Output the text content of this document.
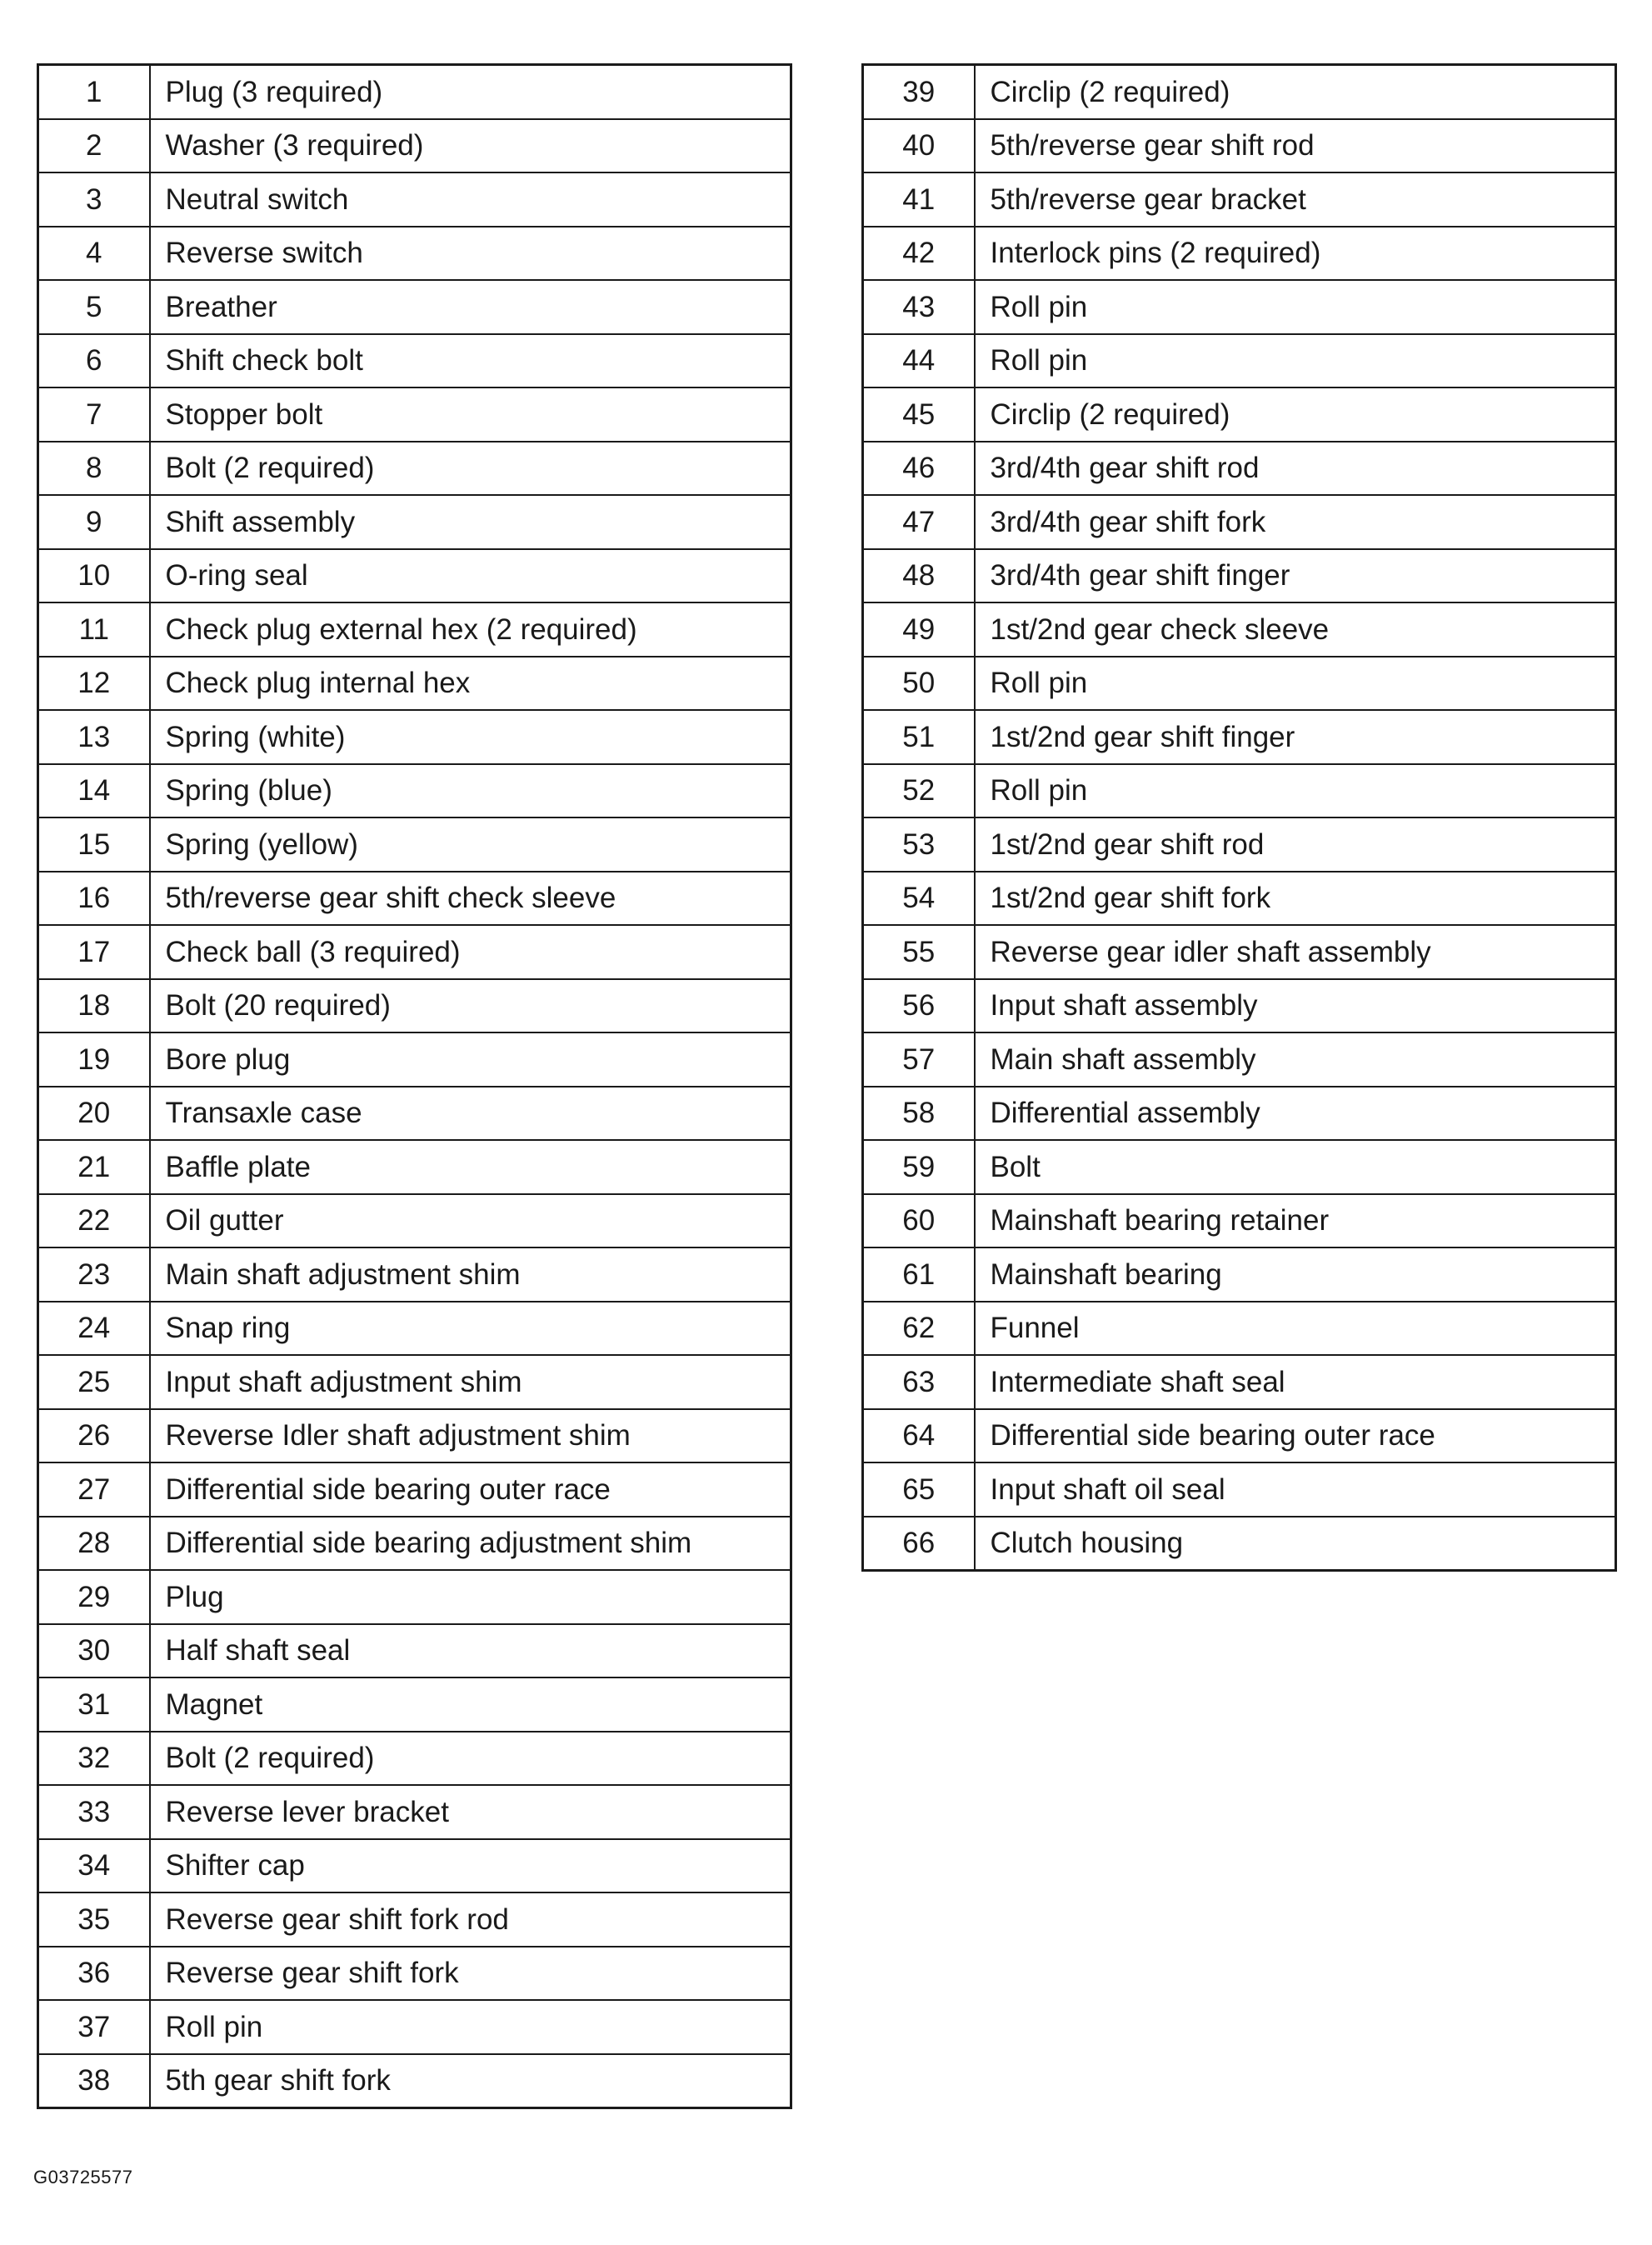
1	Plug (3 required)
2	Washer (3 required)
3	Neutral switch
4	Reverse switch
5	Breather
6	Shift check bolt
7	Stopper bolt
8	Bolt (2 required)
9	Shift assembly
10	O-ring seal
11	Check plug external hex (2 required)
12	Check plug internal hex
13	Spring (white)
14	Spring (blue)
15	Spring (yellow)
16	5th/reverse gear shift check sleeve
17	Check ball (3 required)
18	Bolt (20 required)
19	Bore plug
20	Transaxle case
21	Baffle plate
22	Oil gutter
23	Main shaft adjustment shim
24	Snap ring
25	Input shaft adjustment shim
26	Reverse Idler shaft adjustment shim
27	Differential side bearing outer race
28	Differential side bearing adjustment shim
29	Plug
30	Half shaft seal
31	Magnet
32	Bolt (2 required)
33	Reverse lever bracket
34	Shifter cap
35	Reverse gear shift fork rod
36	Reverse gear shift fork
37	Roll pin
38	5th gear shift fork
39	Circlip (2 required)
40	5th/reverse gear shift rod
41	5th/reverse gear bracket
42	Interlock pins (2 required)
43	Roll pin
44	Roll pin
45	Circlip (2 required)
46	3rd/4th gear shift rod
47	3rd/4th gear shift fork
48	3rd/4th gear shift finger
49	1st/2nd gear check sleeve
50	Roll pin
51	1st/2nd gear shift finger
52	Roll pin
53	1st/2nd gear shift rod
54	1st/2nd gear shift fork
55	Reverse gear idler shaft assembly
56	Input shaft assembly
57	Main shaft assembly
58	Differential assembly
59	Bolt
60	Mainshaft bearing retainer
61	Mainshaft bearing
62	Funnel
63	Intermediate shaft seal
64	Differential side bearing outer race
65	Input shaft oil seal
66	Clutch housing
G03725577
